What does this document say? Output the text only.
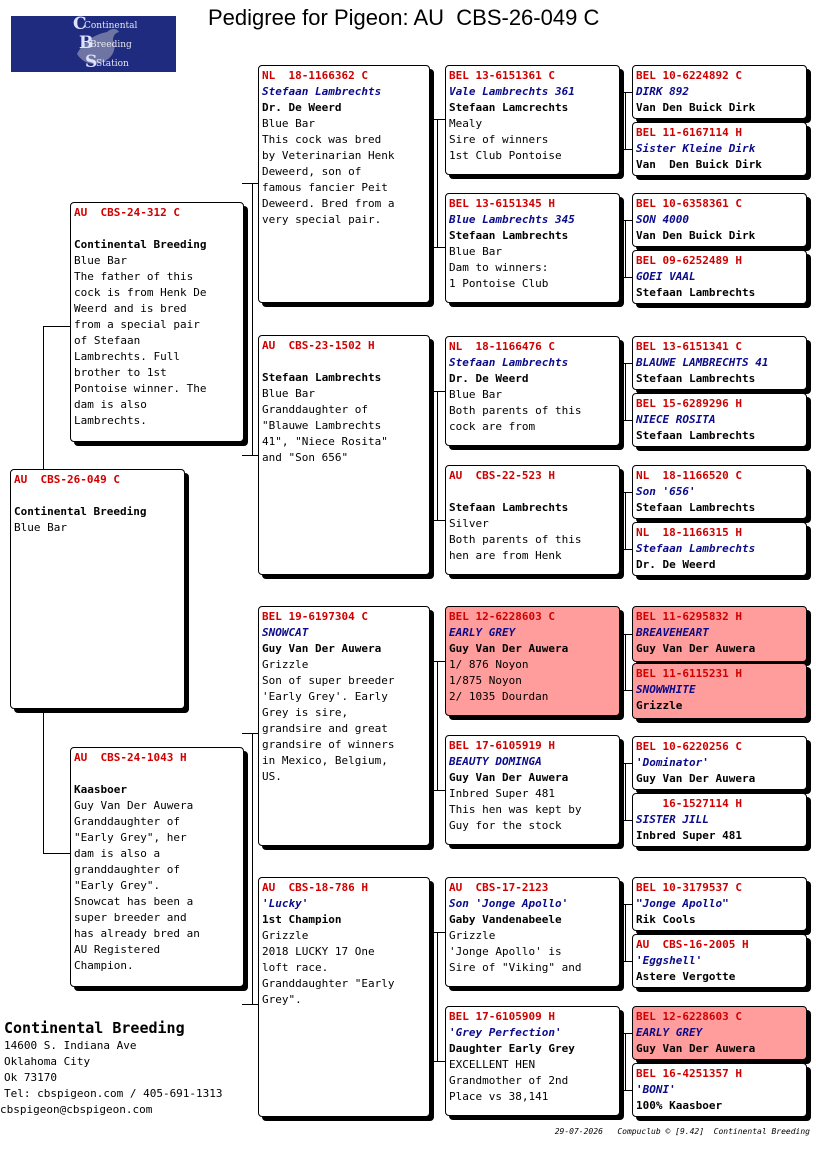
Pedigree for Pigeon: AU  CBS-26-049 C
C
Continental
B
Breeding
S
Station
AU  CBS-26-049 C

Continental Breeding
Blue Bar
AU  CBS-24-312 C

Continental Breeding
Blue Bar
The father of this
cock is from Henk De
Weerd and is bred
from a special pair
of Stefaan
Lambrechts. Full
brother to 1st
Pontoise winner. The
dam is also
Lambrechts.
AU  CBS-24-1043 H

Kaasboer
Guy Van Der Auwera
Granddaughter of
"Early Grey", her
dam is also a
granddaughter of
"Early Grey".
Snowcat has been a
super breeder and
has already bred an
AU Registered
Champion.
NL  18-1166362 C
Stefaan Lambrechts
Dr. De Weerd
Blue Bar
This cock was bred
by Veterinarian Henk
Deweerd, son of
famous fancier Peit
Deweerd. Bred from a
very special pair.
AU  CBS-23-1502 H

Stefaan Lambrechts
Blue Bar
Granddaughter of
"Blauwe Lambrechts
41", "Niece Rosita"
and "Son 656"
BEL 19-6197304 C
SNOWCAT
Guy Van Der Auwera
Grizzle
Son of super breeder
'Early Grey'. Early
Grey is sire,
grandsire and great
grandsire of winners
in Mexico, Belgium,
US.
AU  CBS-18-786 H
'Lucky'
1st Champion
Grizzle
2018 LUCKY 17 One
loft race.
Granddaughter "Early
Grey".
BEL 13-6151361 C
Vale Lambrechts 361
Stefaan Lamcrechts
Mealy
Sire of winners
1st Club Pontoise
BEL 13-6151345 H
Blue Lambrechts 345
Stefaan Lambrechts
Blue Bar
Dam to winners:
1 Pontoise Club
NL  18-1166476 C
Stefaan Lambrechts
Dr. De Weerd
Blue Bar
Both parents of this
cock are from
AU  CBS-22-523 H

Stefaan Lambrechts
Silver
Both parents of this
hen are from Henk
BEL 12-6228603 C
EARLY GREY
Guy Van Der Auwera
1/ 876 Noyon
1/875 Noyon
2/ 1035 Dourdan
BEL 17-6105919 H
BEAUTY DOMINGA
Guy Van Der Auwera
Inbred Super 481
This hen was kept by
Guy for the stock
AU  CBS-17-2123
Son 'Jonge Apollo'
Gaby Vandenabeele
Grizzle
'Jonge Apollo' is
Sire of "Viking" and
BEL 17-6105909 H
'Grey Perfection'
Daughter Early Grey
EXCELLENT HEN
Grandmother of 2nd
Place vs 38,141
BEL 10-6224892 C
DIRK 892
Van Den Buick Dirk
BEL 11-6167114 H
Sister Kleine Dirk
Van  Den Buick Dirk
BEL 10-6358361 C
SON 4000
Van Den Buick Dirk
BEL 09-6252489 H
GOEI VAAL
Stefaan Lambrechts
BEL 13-6151341 C
BLAUWE LAMBRECHTS 41
Stefaan Lambrechts
BEL 15-6289296 H
NIECE ROSITA
Stefaan Lambrechts
NL  18-1166520 C
Son '656'
Stefaan Lambrechts
NL  18-1166315 H
Stefaan Lambrechts
Dr. De Weerd
BEL 11-6295832 H
BREAVEHEART
Guy Van Der Auwera
BEL 11-6115231 H
SNOWWHITE
Grizzle
BEL 10-6220256 C
'Dominator'
Guy Van Der Auwera
16-1527114 H
SISTER JILL
Inbred Super 481
BEL 10-3179537 C
"Jonge Apollo"
Rik Cools
AU  CBS-16-2005 H
'Eggshell'
Astere Vergotte
BEL 12-6228603 C
EARLY GREY
Guy Van Der Auwera
BEL 16-4251357 H
'BONI'
100% Kaasboer
Continental Breeding
14600 S. Indiana Ave
Oklahoma City
Ok 73170
Tel: cbspigeon.com / 405-691-1313
cbspigeon@cbspigeon.com
29-07-2026   Compuclub © [9.42]  Continental Breeding
